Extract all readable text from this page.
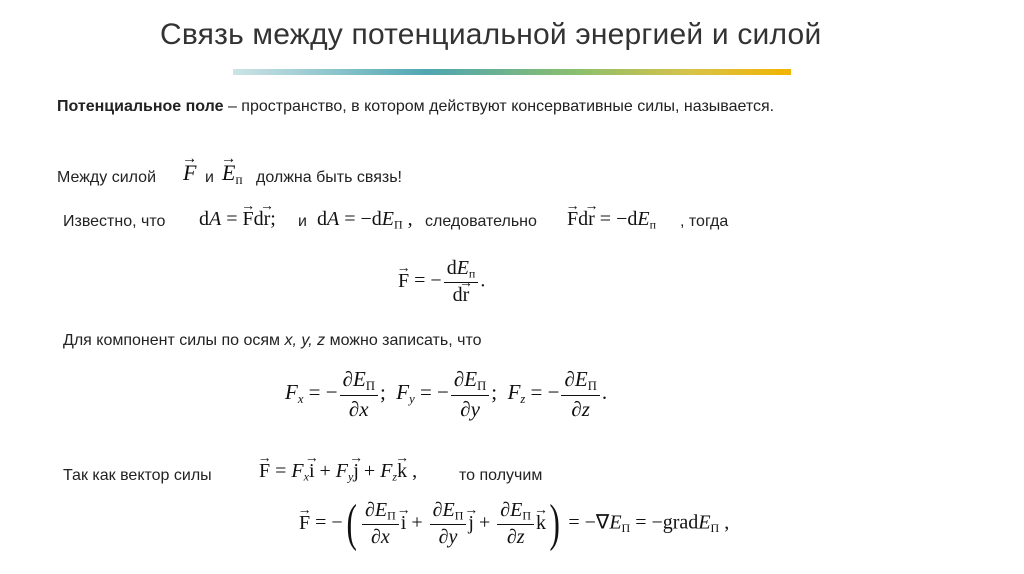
Связь между потенциальной энергией и силой
Потенциальное поле – пространство, в котором действуют консервативные силы, называется.
Между силой
→ F и
→ $E_п$ должна быть связь!
Известно, что dA = → Fd→ r; и dA = $-dE_П$ , следовательно
→ $Fd\to r = -dE_п$ , тогда
→ F = − $\frac{dE_п}{d\to r}$ .
Для компонент силы по осям x, y, z можно записать, что
$F_x$ = − $\frac{\partial E_П}{\partial x}$ ;  $F_y$ = − $\frac{\partial E_П}{\partial y}$ ;  $F_z$ = − $\frac{\partial E_П}{\partial z}$ .
Так как вектор силы
→ $F = F_x\to i + F_y\to j + F_z\to k$ ,	то получим
→ F = −( $\frac{\partial E_П}{\partial x}$
→ $i + \frac{\partial E_П}{\partial y}$
→ $j + \frac{\partial E_П}{\partial z}$
→ $k) = -\nabla E_П$ = −gradE$_П$ ,
